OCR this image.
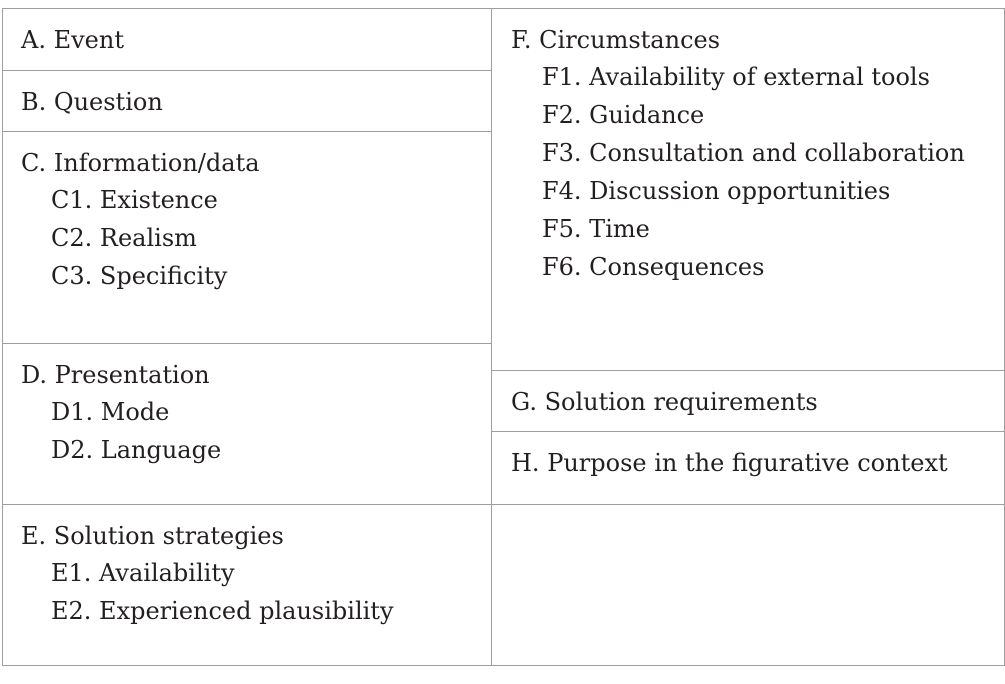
A. Event
B. Question
C. Information/data
C1. Existence
C2. Realism
C3. Specificity
D. Presentation
D1. Mode
D2. Language
E. Solution strategies
E1. Availability
E2. Experienced plausibility
F. Circumstances
F1. Availability of external tools
F2. Guidance
F3. Consultation and collaboration
F4. Discussion opportunities
F5. Time
F6. Consequences
G. Solution requirements
H. Purpose in the figurative context
